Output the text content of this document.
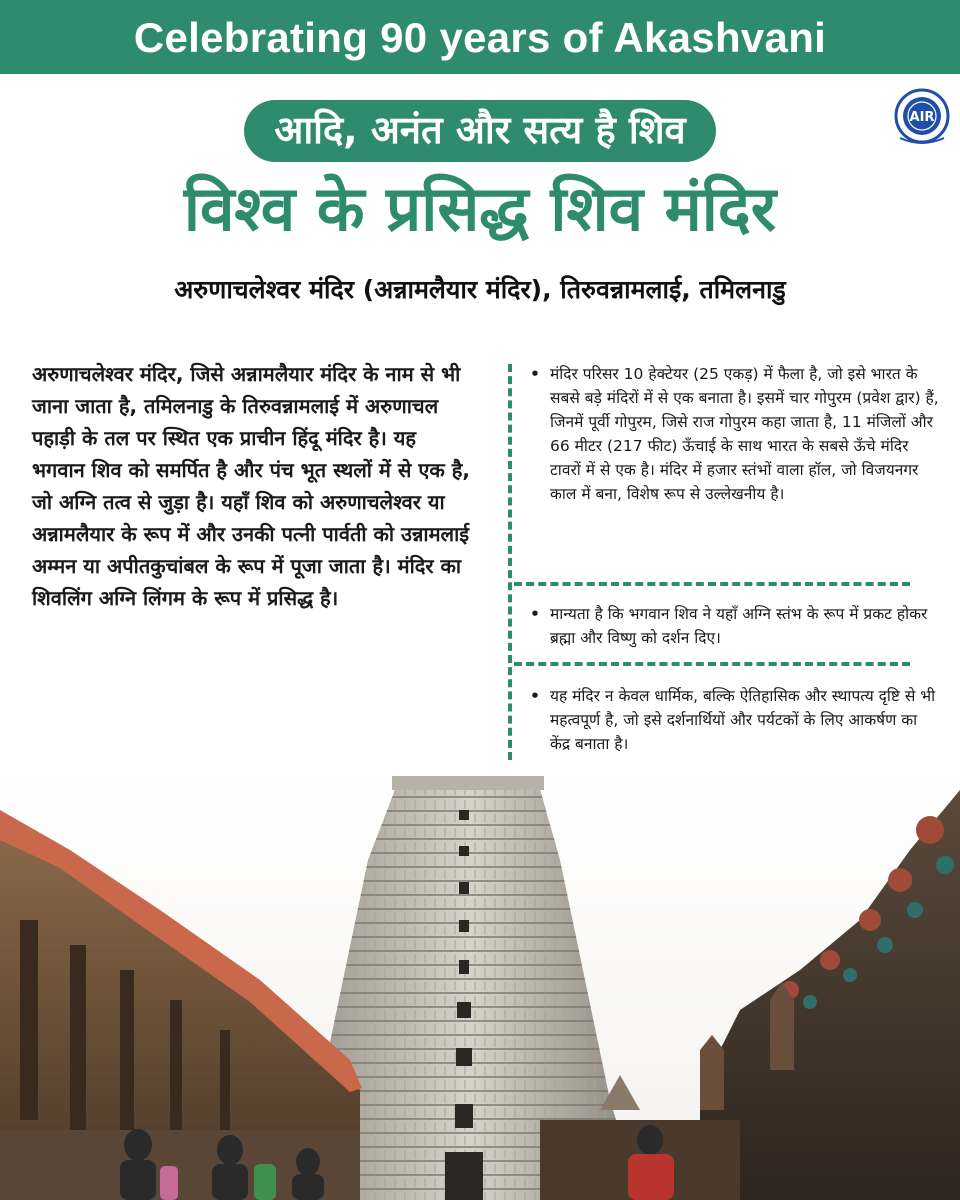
Celebrating 90 years of Akashvani
AIR
आदि, अनंत और सत्य है शिव
विश्व के प्रसिद्ध शिव मंदिर
अरुणाचलेश्वर मंदिर (अन्नामलैयार मंदिर), तिरुवन्नामलाई, तमिलनाडु
अरुणाचलेश्वर मंदिर, जिसे अन्नामलैयार मंदिर के नाम से भी जाना जाता है, तमिलनाडु के तिरुवन्नामलाई में अरुणाचल पहाड़ी के तल पर स्थित एक प्राचीन हिंदू मंदिर है। यह भगवान शिव को समर्पित है और पंच भूत स्थलों में से एक है, जो अग्नि तत्व से जुड़ा है। यहाँ शिव को अरुणाचलेश्वर या अन्नामलैयार के रूप में और उनकी पत्नी पार्वती को उन्नामलाई अम्मन या अपीतकुचांबल के रूप में पूजा जाता है। मंदिर का शिवलिंग अग्नि लिंगम के रूप में प्रसिद्ध है।
• मंदिर परिसर 10 हेक्टेयर (25 एकड़) में फैला है, जो इसे भारत के सबसे बड़े मंदिरों में से एक बनाता है। इसमें चार गोपुरम (प्रवेश द्वार) हैं, जिनमें पूर्वी गोपुरम, जिसे राज गोपुरम कहा जाता है, 11 मंजिलों और 66 मीटर (217 फीट) ऊँचाई के साथ भारत के सबसे ऊँचे मंदिर टावरों में से एक है। मंदिर में हजार स्तंभों वाला हॉल, जो विजयनगर काल में बना, विशेष रूप से उल्लेखनीय है।
• मान्यता है कि भगवान शिव ने यहाँ अग्नि स्तंभ के रूप में प्रकट होकर ब्रह्मा और विष्णु को दर्शन दिए।
• यह मंदिर न केवल धार्मिक, बल्कि ऐतिहासिक और स्थापत्य दृष्टि से भी महत्वपूर्ण है, जो इसे दर्शनार्थियों और पर्यटकों के लिए आकर्षण का केंद्र बनाता है।
